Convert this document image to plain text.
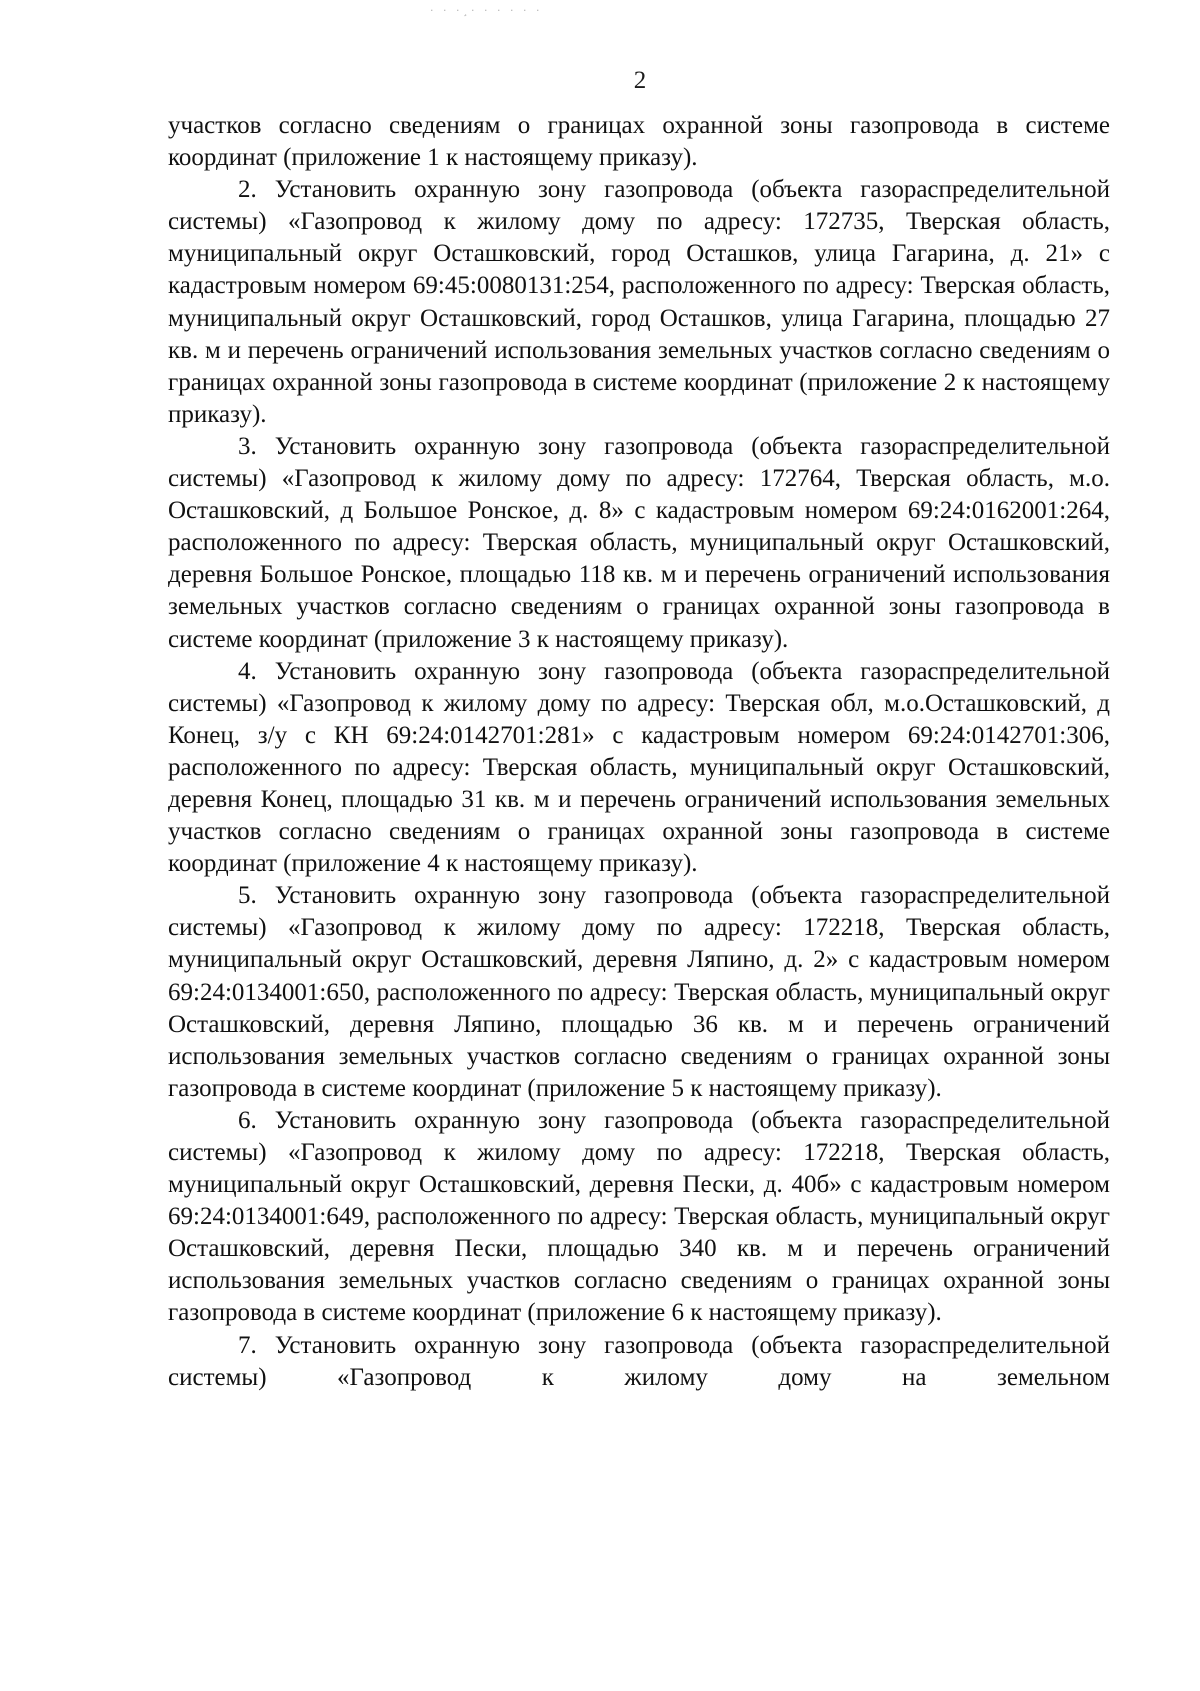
· · ·¸· · · · · ·
2

участков согласно сведениям о границах охранной зоны газопровода в системе координат (приложение 1 к настоящему приказу).

2. Установить охранную зону газопровода (объекта газораспределительной системы) «Газопровод к жилому дому по адресу: 172735, Тверская область, муниципальный округ Осташковский, город Осташков, улица Гагарина, д. 21» с кадастровым номером 69:45:0080131:254, расположенного по адресу: Тверская область, муниципальный округ Осташковский, город Осташков, улица Гагарина, площадью 27 кв. м и перечень ограничений использования земельных участков согласно сведениям о границах охранной зоны газопровода в системе координат (приложение 2 к настоящему приказу).

3. Установить охранную зону газопровода (объекта газораспределительной системы) «Газопровод к жилому дому по адресу: 172764, Тверская область, м.о. Осташковский, д Большое Ронское, д. 8» с кадастровым номером 69:24:0162001:264, расположенного по адресу: Тверская область, муниципальный округ Осташковский, деревня Большое Ронское, площадью 118 кв. м и перечень ограничений использования земельных участков согласно сведениям о границах охранной зоны газопровода в системе координат (приложение 3 к настоящему приказу).

4. Установить охранную зону газопровода (объекта газораспределительной системы) «Газопровод к жилому дому по адресу: Тверская обл, м.о.Осташковский, д Конец, з/у с КН 69:24:0142701:281» с кадастровым номером 69:24:0142701:306, расположенного по адресу: Тверская область, муниципальный округ Осташковский, деревня Конец, площадью 31 кв. м и перечень ограничений использования земельных участков согласно сведениям о границах охранной зоны газопровода в системе координат (приложение 4 к настоящему приказу).

5. Установить охранную зону газопровода (объекта газораспределительной системы) «Газопровод к жилому дому по адресу: 172218, Тверская область, муниципальный округ Осташковский, деревня Ляпино, д. 2» с кадастровым номером 69:24:0134001:650, расположенного по адресу: Тверская область, муниципальный округ Осташковский, деревня Ляпино, площадью 36 кв. м и перечень ограничений использования земельных участков согласно сведениям о границах охранной зоны газопровода в системе координат (приложение 5 к настоящему приказу).

6. Установить охранную зону газопровода (объекта газораспределительной системы) «Газопровод к жилому дому по адресу: 172218, Тверская область, муниципальный округ Осташковский, деревня Пески, д. 40б» с кадастровым номером 69:24:0134001:649, расположенного по адресу: Тверская область, муниципальный округ Осташковский, деревня Пески, площадью 340 кв. м и перечень ограничений использования земельных участков согласно сведениям о границах охранной зоны газопровода в системе координат (приложение 6 к настоящему приказу).

7. Установить охранную зону газопровода (объекта газораспределительной системы) «Газопровод к жилому дому на земельном
